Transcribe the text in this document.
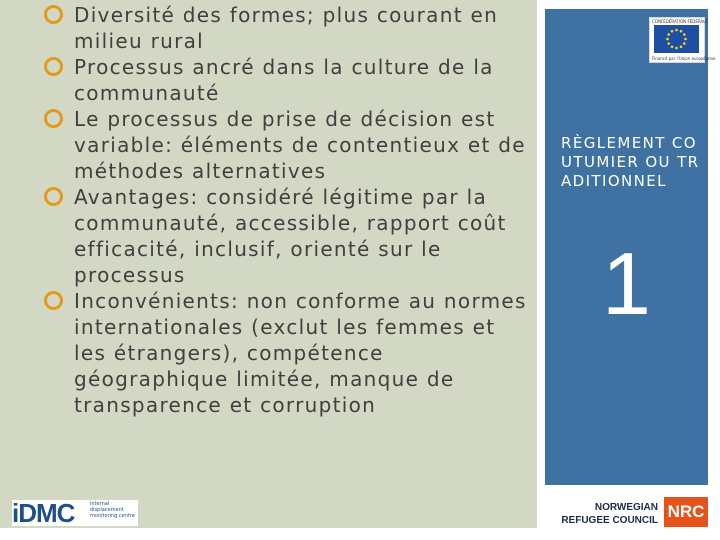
Diversité des formes; plus courant en milieu rural
Processus ancré dans la culture de la communauté
Le processus de prise de décision est variable: éléments de contentieux et de méthodes alternatives
Avantages: considéré légitime par la communauté, accessible, rapport coût efficacité, inclusif, orienté sur le processus
Inconvénients: non conforme au normes internationales (exclut les femmes et les étrangers), compétence géographique limitée, manque de transparence et corruption
CONFÉDÉRATION FÉDÉRALE
Financé par l'Union européenne
RÈGLEMENT COUTUMIER OU TRADITIONNEL
1
iDMC	internal displacement monitoring centre
NORWEGIAN
REFUGEE COUNCIL NRC
